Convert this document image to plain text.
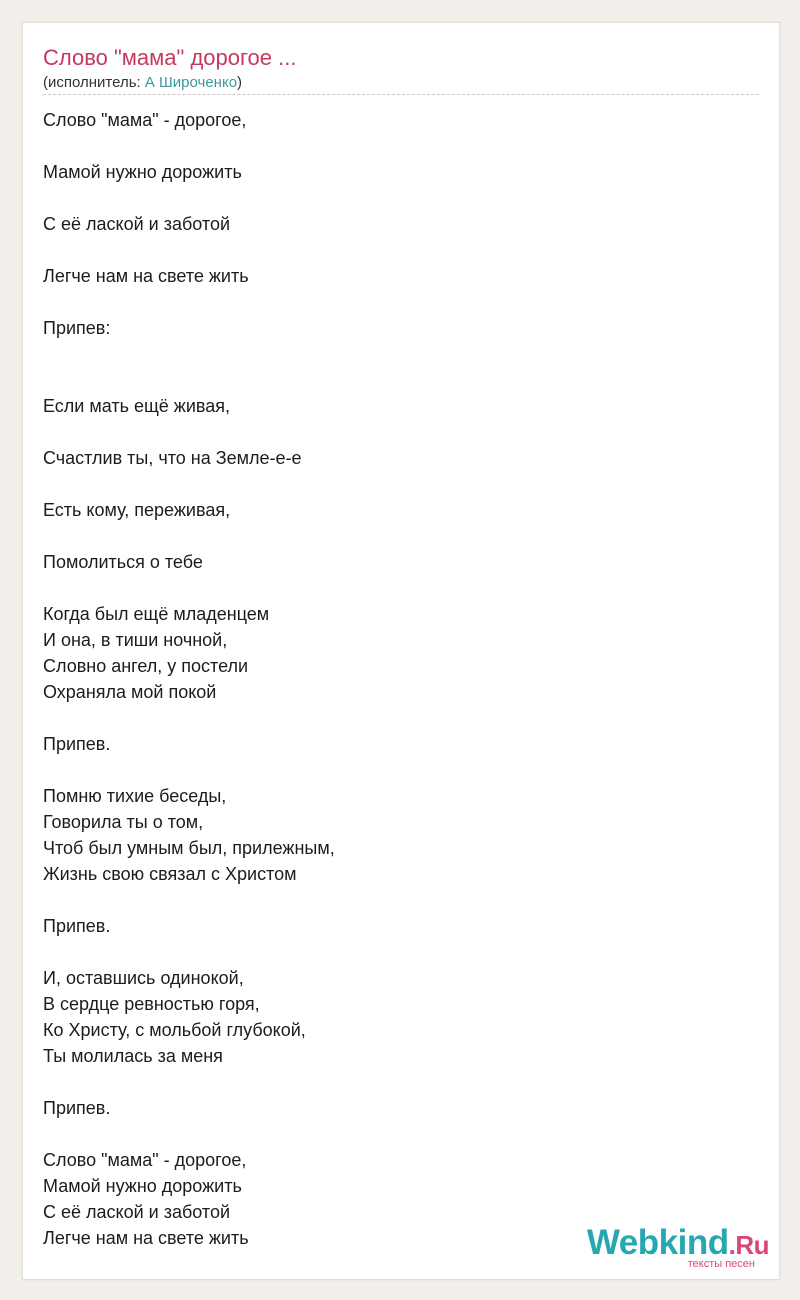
Слово "мама" дорогое ...
(исполнитель: А Широченко)
Слово "мама" - дорогое,

Мамой нужно дорожить

С её лаской и заботой

Легче нам на свете жить

Припев:

Если мать ещё живая,

Счастлив ты, что на Земле-е-е

Есть кому, переживая,

Помолиться о тебе

Когда был ещё младенцем
И она, в тиши ночной,
Словно ангел, у постели
Охраняла мой покой

Припев.

Помню тихие беседы,
Говорила ты о том,
Чтоб был умным был, прилежным,
Жизнь свою связал с Христом

Припев.

И, оставшись одинокой,
В сердце ревностью горя,
Ко Христу, с мольбой глубокой,
Ты молилась за меня

Припев.

Слово "мама" - дорогое,
Мамой нужно дорожить
С её лаской и заботой
Легче нам на свете жить	Webkind.Ru
тексты песен
